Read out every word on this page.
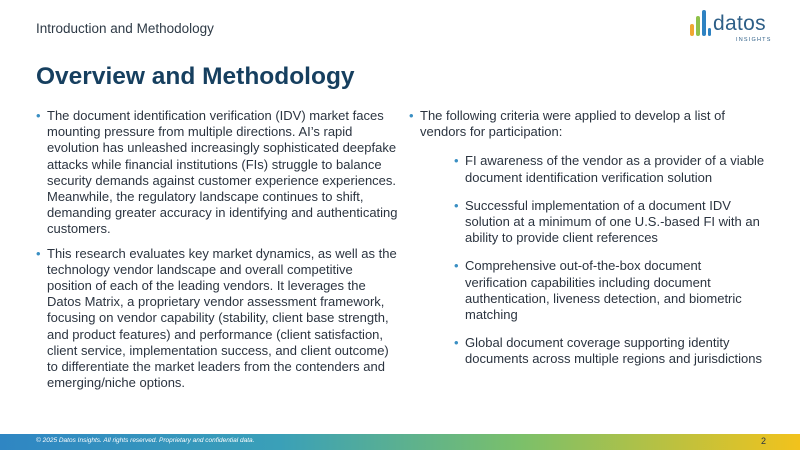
Introduction and Methodology	datos
INSIGHTS
Overview and Methodology
• The document identification verification (IDV) market faces mounting pressure from multiple directions. AI’s rapid evolution has unleashed increasingly sophisticated deepfake attacks while financial institutions (FIs) struggle to balance security demands against customer experience experiences. Meanwhile, the regulatory landscape continues to shift, demanding greater accuracy in identifying and authenticating customers.
• This research evaluates key market dynamics, as well as the technology vendor landscape and overall competitive position of each of the leading vendors. It leverages the Datos Matrix, a proprietary vendor assessment framework, focusing on vendor capability (stability, client base strength, and product features) and performance (client satisfaction, client service, implementation success, and client outcome) to differentiate the market leaders from the contenders and emerging/niche options.
• The following criteria were applied to develop a list of vendors for participation:
• FI awareness of the vendor as a provider of a viable document identification verification solution
• Successful implementation of a document IDV solution at a minimum of one U.S.-based FI with an ability to provide client references
• Comprehensive out-of-the-box document verification capabilities including document authentication, liveness detection, and biometric matching
• Global document coverage supporting identity documents across multiple regions and jurisdictions
© 2025 Datos Insights. All rights reserved. Proprietary and confidential data.	2
